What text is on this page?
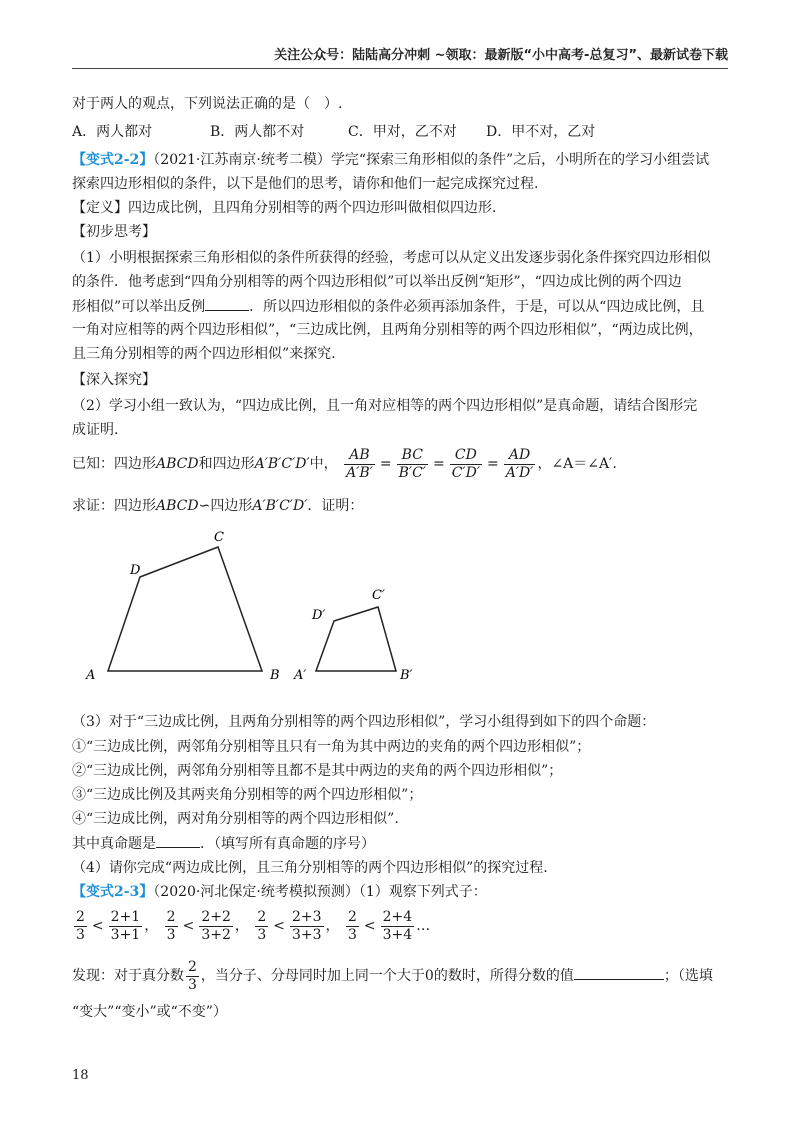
关注公众号：陆陆高分冲刺 ~领取：最新版“小中高考-总复习”、最新试卷下载
对于两人的观点，下列说法正确的是（　）.
A．两人都对	B．两人都不对	C．甲对，乙不对 D．甲不对，乙对
【变式2-2】（2021·江苏南京·统考二模）学完“探索三角形相似的条件”之后，小明所在的学习小组尝试
探索四边形相似的条件，以下是他们的思考，请你和他们一起完成探究过程.
【定义】四边成比例，且四角分别相等的两个四边形叫做相似四边形.
【初步思考】
（1）小明根据探索三角形相似的条件所获得的经验，考虑可以从定义出发逐步弱化条件探究四边形相似
的条件．他考虑到“四角分别相等的两个四边形相似”可以举出反例“矩形”，“四边成比例的两个四边
形相似”可以举出反例	．所以四边形相似的条件必须再添加条件，于是，可以从“四边成比例，且
一角对应相等的两个四边形相似”，“三边成比例，且两角分别相等的两个四边形相似”，“两边成比例，
且三角分别相等的两个四边形相似”来探究.
【深入探究】
（2）学习小组一致认为，“四边成比例，且一角对应相等的两个四边形相似”是真命题，请结合图形完
成证明.
已知：四边形ABCD和四边形A′B′C′D′中， $\frac{AB}{A'B'} = \frac{BC}{B'C'} = \frac{CD}{C'D'} = \frac{AD}{A'D'}$ ，∠A＝∠A′.
求证：四边形ABCD∽四边形A′B′C′D′．证明：
A	B
C
D
A′	B′
C′
D′
（3）对于“三边成比例，且两角分别相等的两个四边形相似”，学习小组得到如下的四个命题：
①“三边成比例，两邻角分别相等且只有一角为其中两边的夹角的两个四边形相似”；
②“三边成比例，两邻角分别相等且都不是其中两边的夹角的两个四边形相似”；
③“三边成比例及其两夹角分别相等的两个四边形相似”；
④“三边成比例，两对角分别相等的两个四边形相似”.
其中真命题是	．（填写所有真命题的序号）
（4）请你完成“两边成比例，且三角分别相等的两个四边形相似”的探究过程.
【变式2-3】（2020·河北保定·统考模拟预测）（1）观察下列式子：
$\frac{2}{3} < \frac{2+1}{3+1}$ ， $\frac{2}{3} < \frac{2+2}{3+2}$ ， $\frac{2}{3} < \frac{2+3}{3+3}$ ， $\frac{2}{3} < \frac{2+4}{3+4}$ …
发现：对于真分数 $\frac{2}{3}$ ，当分子、分母同时加上同一个大于0的数时，所得分数的值	；（选填
“变大”“变小”或“不变”）
18
